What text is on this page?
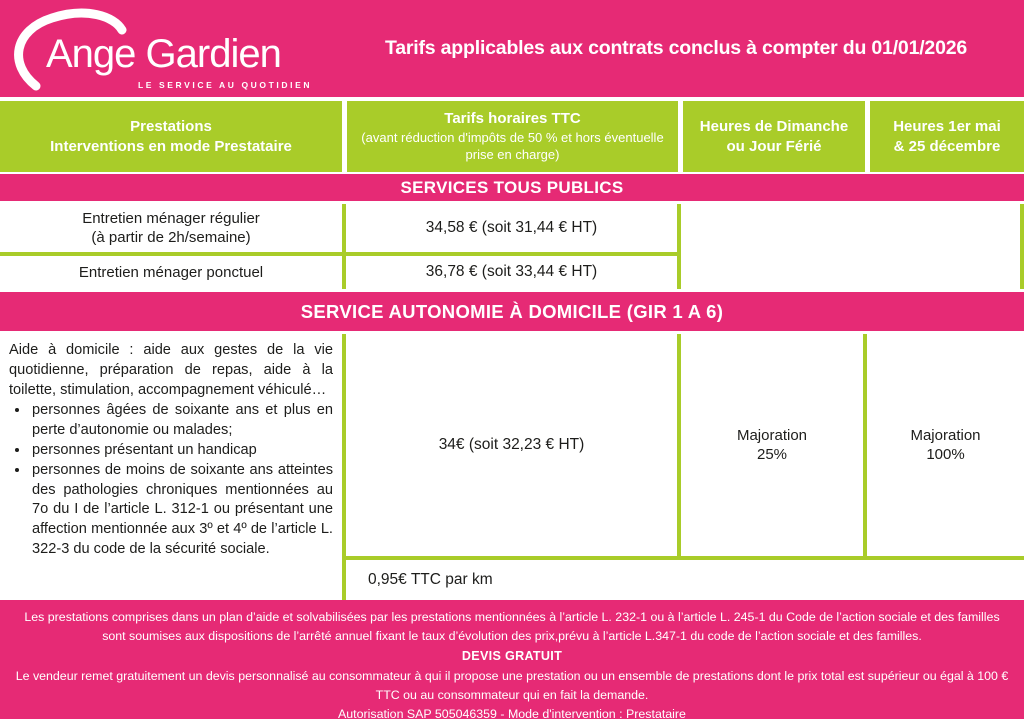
Ange Gardien
LE SERVICE AU QUOTIDIEN
Tarifs applicables aux contrats conclus à compter du 01/01/2026
Prestations
Interventions en mode Prestataire
Tarifs horaires TTC
(avant réduction d'impôts de 50 % et hors éventuelle prise en charge)
Heures de Dimanche
ou Jour Férié
Heures 1er mai
& 25 décembre
SERVICES TOUS PUBLICS
Entretien ménager régulier
(à partir de 2h/semaine)
Entretien ménager ponctuel
34,58 € (soit 31,44 € HT)
36,78 € (soit 33,44 € HT)
SERVICE AUTONOMIE À DOMICILE (GIR 1 A 6)

Aide à domicile : aide aux gestes de la vie quotidienne, préparation de repas, aide à la toilette, stimulation, accompagnement véhiculé…

• personnes âgées de soixante ans et plus en perte d’autonomie ou malades;
• personnes présentant un handicap
• personnes de moins de soixante ans atteintes des pathologies chroniques mentionnées au 7o du I de l’article L. 312-1 ou présentant une affection mentionnée aux 3º et 4º de l’article L. 322-3 du code de la sécurité sociale.
34€ (soit 32,23 € HT)
Majoration
25%
Majoration
100%
0,95€ TTC par km

Les prestations comprises dans un plan d’aide et solvabilisées par les prestations mentionnées à l’article L. 232-1 ou à l’article L. 245-1 du Code de l’action sociale et des familles sont soumises aux dispositions de l’arrêté annuel fixant le taux d’évolution des prix,prévu à l’article L.347-1 du code de l’action sociale et des familles.

DEVIS GRATUIT

Le vendeur remet gratuitement un devis personnalisé au consommateur à qui il propose une prestation ou un ensemble de prestations dont le prix total est supérieur ou égal à 100 € TTC ou au consommateur qui en fait la demande.

Autorisation SAP 505046359 - Mode d'intervention : Prestataire
